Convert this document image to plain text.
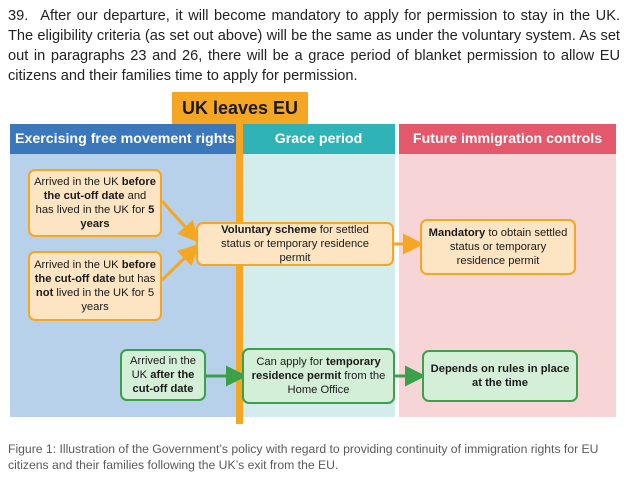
39. After our departure, it will become mandatory to apply for permission to stay in the UK. The eligibility criteria (as set out above) will be the same as under the voluntary system. As set out in paragraphs 23 and 26, there will be a grace period of blanket permission to allow EU citizens and their families time to apply for permission.
Exercising free movement rights	Grace period	Future immigration controls
UK leaves EU
Arrived in the UK before the cut-off date and has lived in the UK for 5 years
Arrived in the UK before the cut-off date but has not lived in the UK for 5 years
Voluntary scheme for settled status or temporary residence permit
Mandatory to obtain settled status or temporary residence permit
Arrived in the UK after the cut-off date
Can apply for temporary residence permit from the Home Office
Depends on rules in place at the time
Figure 1: Illustration of the Government’s policy with regard to providing continuity of immigration rights for EU citizens and their families following the UK’s exit from the EU.
